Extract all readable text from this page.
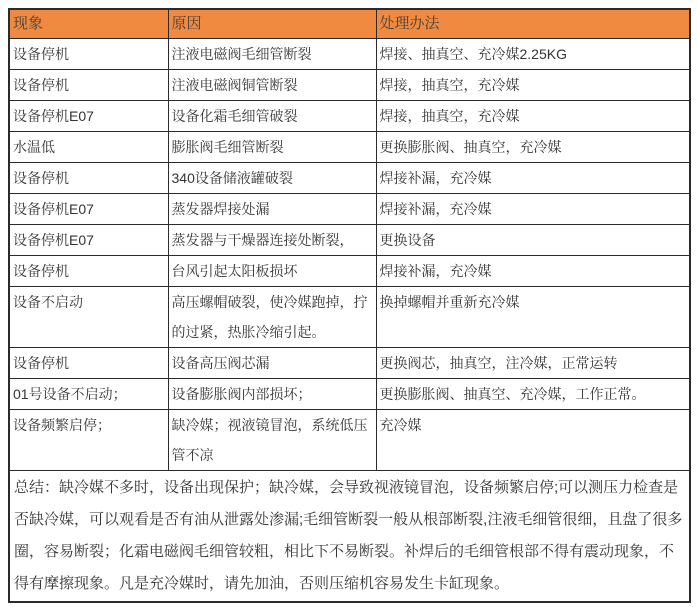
现象	原因	处理办法
设备停机	注液电磁阀毛细管断裂	焊接、抽真空、充冷媒2.25KG
设备停机	注液电磁阀铜管断裂	焊接，抽真空，充冷媒
设备停机E07	设备化霜毛细管破裂	焊接，抽真空，充冷媒
水温低	膨胀阀毛细管断裂	更换膨胀阀、抽真空，充冷媒
设备停机	340设备储液罐破裂	焊接补漏，充冷媒
设备停机E07	蒸发器焊接处漏	焊接补漏，充冷媒
设备停机E07	蒸发器与干燥器连接处断裂，	更换设备
设备停机	台风引起太阳板损坏	焊接补漏，充冷媒
设备不启动	高压螺帽破裂，使冷媒跑掉，拧的过紧，热胀冷缩引起。	换掉螺帽并重新充冷媒
设备停机	设备高压阀芯漏	更换阀芯，抽真空，注冷媒，正常运转
01号设备不启动；	设备膨胀阀内部损坏；	更换膨胀阀、抽真空、充冷媒，工作正常。
设备频繁启停；	缺冷媒；视液镜冒泡，系统低压管不凉	充冷媒
总结：缺冷媒不多时，设备出现保护；缺冷媒，会导致视液镜冒泡，设备频繁启停;可以测压力检查是否缺冷媒，可以观看是否有油从泄露处渗漏;毛细管断裂一般从根部断裂,注液毛细管很细，且盘了很多圈，容易断裂；化霜电磁阀毛细管较粗，相比下不易断裂。补焊后的毛细管根部不得有震动现象，不得有摩擦现象。凡是充冷媒时，请先加油，否则压缩机容易发生卡缸现象。		
